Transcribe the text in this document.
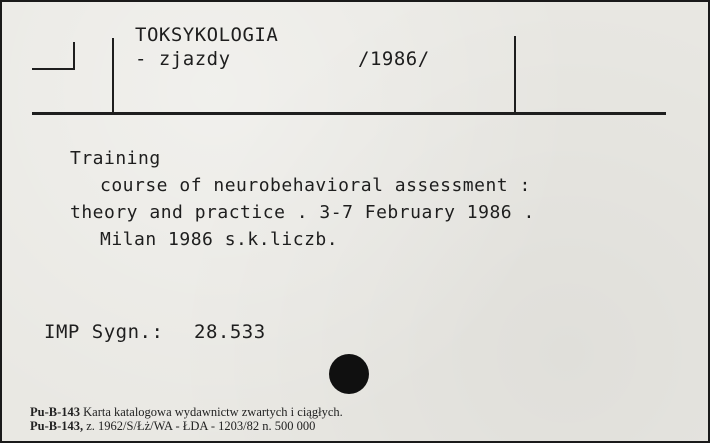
TOKSYKOLOGIA
- zjazdy	/1986/
Training
course of neurobehavioral assessment :
theory and practice . 3-7 February 1986 .
Milan 1986 s.k.liczb.
IMP Sygn.: 28.533
Pu-B-143 Karta katalogowa wydawnictw zwartych i ciągłych.
Pu-B-143, z. 1962/S/Łż/WA - ŁDA - 1203/82 n. 500 000
